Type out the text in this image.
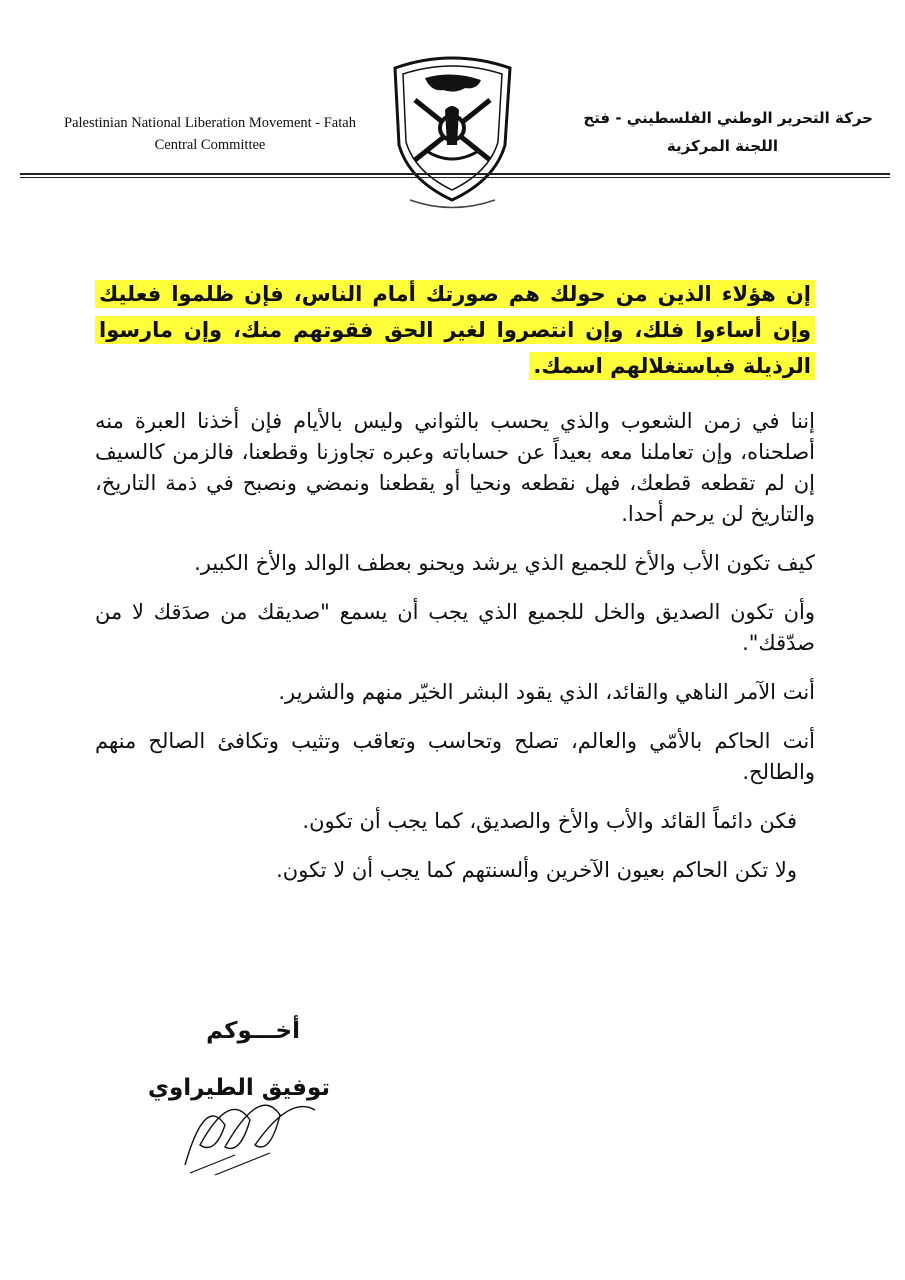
Palestinian National Liberation Movement - Fatah
Central Committee
حركة التحرير الوطني الفلسطيني - فتح
اللجنة المركزية
إن هؤلاء الذين من حولك هم صورتك أمام الناس، فإن ظلموا فعليك وإن أساءوا فلك، وإن انتصروا لغير الحق فقوتهم منك، وإن مارسوا الرذيلة فباستغلالهم اسمك.

إننا في زمن الشعوب والذي يحسب بالثواني وليس بالأيام فإن أخذنا العبرة منه أصلحناه، وإن تعاملنا معه بعيداً عن حساباته وعبره تجاوزنا وقطعنا، فالزمن كالسيف إن لم تقطعه قطعك، فهل نقطعه ونحيا أو يقطعنا ونمضي ونصبح في ذمة التاريخ، والتاريخ لن يرحم أحدا.

كيف تكون الأب والأخ للجميع الذي يرشد ويحنو بعطف الوالد والأخ الكبير.

وأن تكون الصديق والخل للجميع الذي يجب أن يسمع "صديقك من صدَقك لا من صدّقك".

أنت الآمر الناهي والقائد، الذي يقود البشر الخيّر منهم والشرير.

أنت الحاكم بالأمّي والعالم، تصلح وتحاسب وتعاقب وتثيب وتكافئ الصالح منهم والطالح.

فكن دائماً القائد والأب والأخ والصديق، كما يجب أن تكون.

ولا تكن الحاكم بعيون الآخرين وألسنتهم كما يجب أن لا تكون.

أخـــوكم
توفيق الطيراوي
